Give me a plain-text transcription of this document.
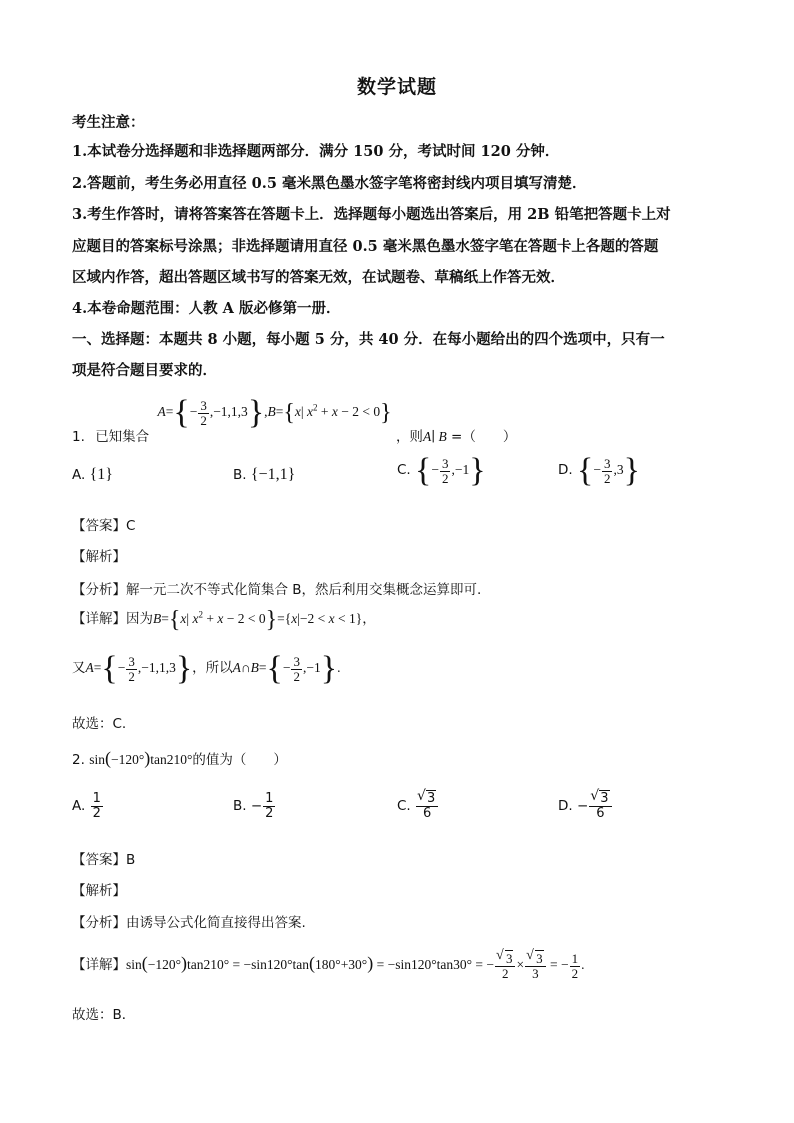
数学试题
考生注意：
1.本试卷分选择题和非选择题两部分．满分 150 分，考试时间 120 分钟．
2.答题前，考生务必用直径 0.5 毫米黑色墨水签字笔将密封线内项目填写清楚．
3.考生作答时，请将答案答在答题卡上．选择题每小题选出答案后，用 2B 铅笔把答题卡上对
应题目的答案标号涂黑；非选择题请用直径 0.5 毫米黑色墨水签字笔在答题卡上各题的答题
区域内作答，超出答题区域书写的答案无效，在试题卷、草稿纸上作答无效．
4.本卷命题范围：人教 A 版必修第一册．
一、选择题：本题共 8 小题，每小题 5 分，共 40 分．在每小题给出的四个选项中，只有一
项是符合题目要求的．
1. 已知集合 $A=\{- \frac{3}{2} ,-1,1,3\},B=\{x|$ $x^2 + x - 2 < 0$} ，则A∣ B =（　　）
A. {1}	B. {−1,1}	C. {− $\frac{3}{2} ,-1$}	D. {− $\frac{3}{2} ,3$}
【答案】C
【解析】
【分析】解一元二次不等式化简集合 B，然后利用交集概念运算即可.
【详解】因为B={x| $x^2 + x - 2 < 0\}=\{x|-2 < x < 1\}$，
又$A=\{- \frac{3}{2} ,-1,1,3\}$，所以A∩B={− $\frac{3}{2} ,-1$}.
故选：C.
2. sin(−120°)tan210°的值为（　　）
A. $\frac{1}{2}$	B. − $\frac{1}{2}$	C. $\frac{√ 3}{6}$	D. − $\frac{√ 3}{6}$
【答案】B
【解析】
【分析】由诱导公式化简直接得出答案.
【详解】sin(−120°)tan210° = −sin120°tan(180°+30°) = −sin120°tan30° = − $\frac{√ 3}{2} \times \frac{√ 3}{3}$ = − $\frac{1}{2}$ .
故选：B．
